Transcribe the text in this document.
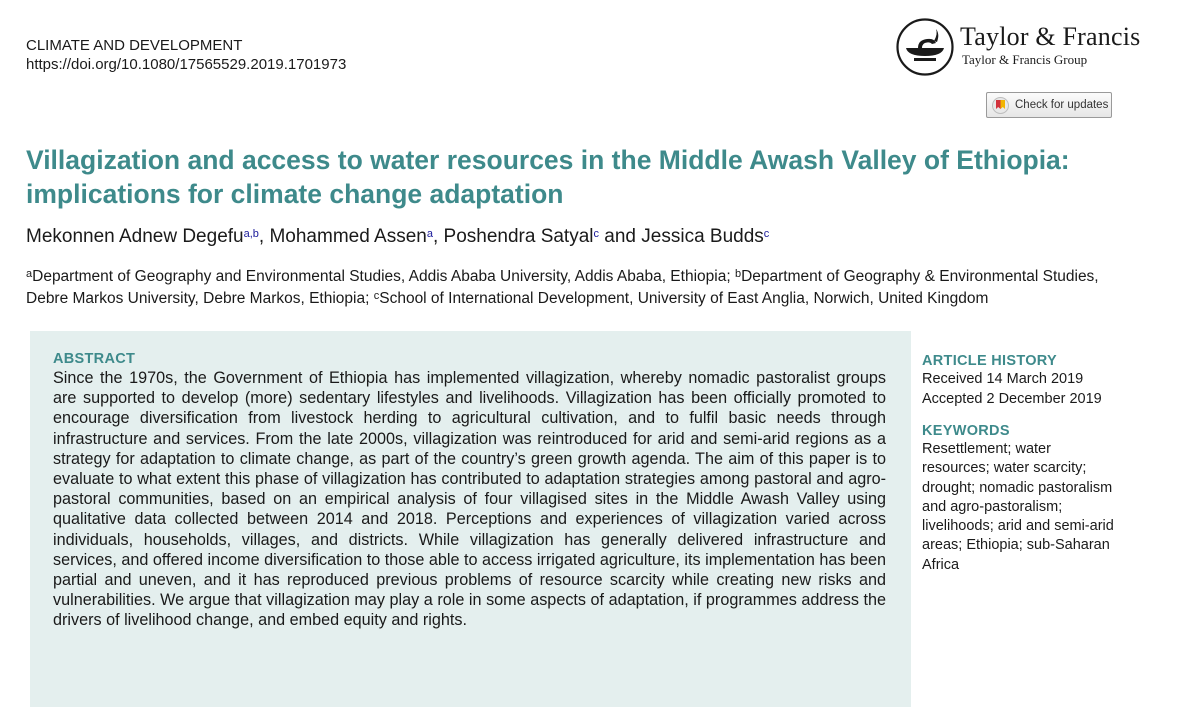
CLIMATE AND DEVELOPMENT
https://doi.org/10.1080/17565529.2019.1701973
Taylor & Francis
Taylor & Francis Group
Check for updates
Villagization and access to water resources in the Middle Awash Valley of Ethiopia: implications for climate change adaptation
Mekonnen Adnew Degefu$^{a,b}$, Mohammed Assen$^a$, Poshendra Satyal$^c$ and Jessica Budds$^c$
$^a$Department of Geography and Environmental Studies, Addis Ababa University, Addis Ababa, Ethiopia; $^b$Department of Geography & Environmental Studies, Debre Markos University, Debre Markos, Ethiopia; $^c$School of International Development, University of East Anglia, Norwich, United Kingdom
ABSTRACT

Since the 1970s, the Government of Ethiopia has implemented villagization, whereby nomadic pastoralist groups are supported to develop (more) sedentary lifestyles and livelihoods. Villagization has been officially promoted to encourage diversification from livestock herding to agricultural cultivation, and to fulfil basic needs through infrastructure and services. From the late 2000s, villagization was reintroduced for arid and semi-arid regions as a strategy for adaptation to climate change, as part of the country’s green growth agenda. The aim of this paper is to evaluate to what extent this phase of villagization has contributed to adaptation strategies among pastoral and agro-pastoral communities, based on an empirical analysis of four villagised sites in the Middle Awash Valley using qualitative data collected between 2014 and 2018. Perceptions and experiences of villagization varied across individuals, households, villages, and districts. While villagization has generally delivered infrastructure and services, and offered income diversification to those able to access irrigated agriculture, its implementation has been partial and uneven, and it has reproduced previous problems of resource scarcity while creating new risks and vulnerabilities. We argue that villagization may play a role in some aspects of adaptation, if programmes address the drivers of livelihood change, and embed equity and rights.

ARTICLE HISTORY
Received 14 March 2019
Accepted 2 December 2019
KEYWORDS
Resettlement; water resources; water scarcity; drought; nomadic pastoralism and agro-pastoralism; livelihoods; arid and semi-arid areas; Ethiopia; sub-Saharan Africa
